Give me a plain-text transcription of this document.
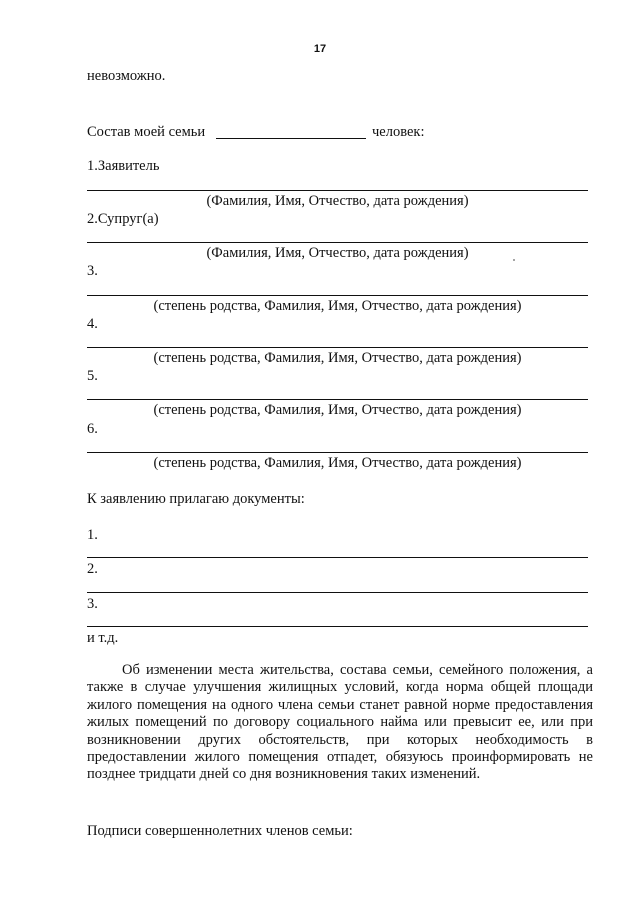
17
невозможно.
Состав моей семьи	человек:
1.Заявитель
(Фамилия, Имя, Отчество, дата рождения)
2.Супруг(а)
(Фамилия, Имя, Отчество, дата рождения)
3.
(степень родства, Фамилия, Имя, Отчество, дата рождения)
4.
(степень родства, Фамилия, Имя, Отчество, дата рождения)
5.
(степень родства, Фамилия, Имя, Отчество, дата рождения)
6.
(степень родства, Фамилия, Имя, Отчество, дата рождения)
К заявлению прилагаю документы:
1.
2.
3.
и т.д.

Об изменении места жительства, состава семьи, семейного положения, а также в случае улучшения жилищных условий, когда норма общей площади жилого помещения на одного члена семьи станет равной норме предоставления жилых помещений по договору социального найма или превысит ее, или при возникновении других обстоятельств, при которых необходимость в предоставлении жилого помещения отпадет, обязуюсь проинформировать не позднее тридцати дней со дня возникновения таких изменений.

Подписи совершеннолетних членов семьи:
